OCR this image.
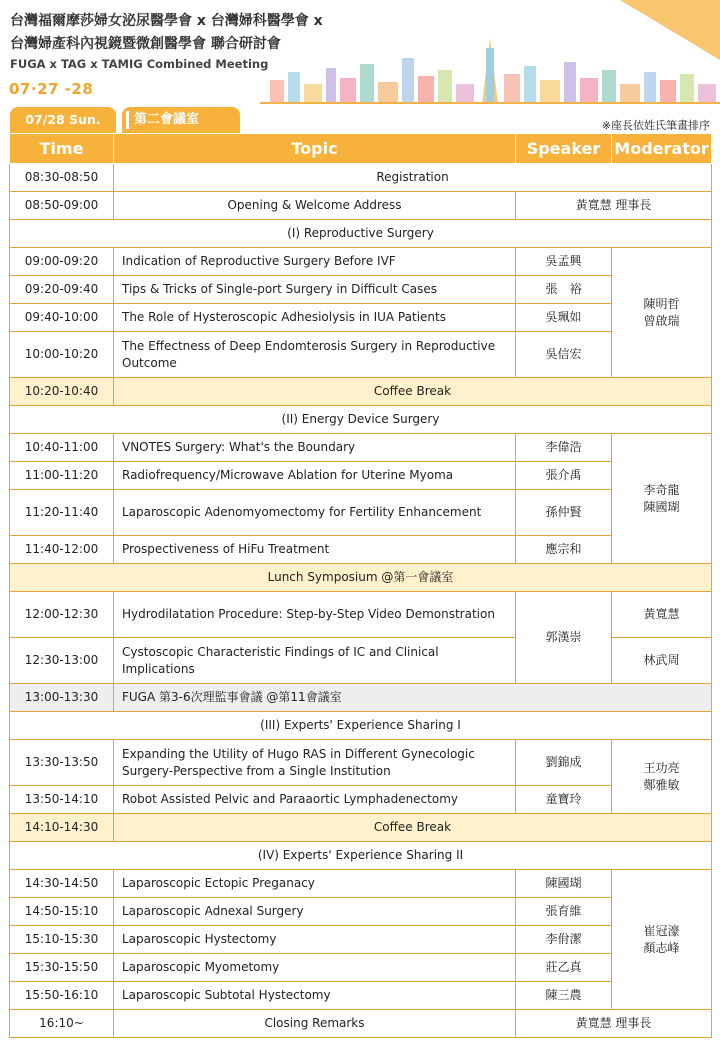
台灣福爾摩莎婦女泌尿醫學會 x 台灣婦科醫學會 x
台灣婦產科內視鏡暨微創醫學會 聯合研討會
FUGA x TAG x TAMIG Combined Meeting
07·27 -28
07/28 Sun.	第二會議室	※座長依姓氏筆畫排序
Time	Topic	Speaker	Moderator
08:30-08:50	Registration		
08:50-09:00	Opening & Welcome Address	黃寬慧 理事長	
(I) Reproductive Surgery			
09:00-09:20	Indication of Reproductive Surgery Before IVF	吳孟興	陳明哲
曾啟瑞

09:20-09:40	Tips & Tricks of Single-port Surgery in Difficult Cases	張　裕	
09:40-10:00	The Role of Hysteroscopic Adhesiolysis in IUA Patients	吳珮如	
10:00-10:20	The Effectness of Deep Endomterosis Surgery in Reproductive Outcome	吳信宏	
10:20-10:40	Coffee Break		
(II) Energy Device Surgery			
10:40-11:00	VNOTES Surgery: What's the Boundary	李偉浩	李奇龍
陳國瑚

11:00-11:20	Radiofrequency/Microwave Ablation for Uterine Myoma	張介禹	
11:20-11:40	Laparoscopic Adenomyomectomy for Fertility Enhancement	孫仲賢	
11:40-12:00	Prospectiveness of HiFu Treatment	應宗和	
Lunch Symposium @第一會議室			
12:00-12:30	Hydrodilatation Procedure: Step-by-Step Video Demonstration	郭漢崇	黃寬慧
12:30-13:00	Cystoscopic Characteristic Findings of IC and Clinical Implications		林武周
13:00-13:30	FUGA 第3-6次理監事會議 @第11會議室		
(III) Experts' Experience Sharing I			
13:30-13:50	Expanding the Utility of Hugo RAS in Different Gynecologic Surgery-Perspective from a Single Institution	劉錦成	王功亮
鄭雅敏

13:50-14:10	Robot Assisted Pelvic and Paraaortic Lymphadenectomy	童寶玲	
14:10-14:30	Coffee Break		
(IV) Experts' Experience Sharing II			
14:30-14:50	Laparoscopic Ectopic Preganacy	陳國瑚	崔冠濠
顏志峰

14:50-15:10	Laparoscopic Adnexal Surgery	張育維	
15:10-15:30	Laparoscopic Hystectomy	李佾潔	
15:30-15:50	Laparoscopic Myometomy	莊乙真	
15:50-16:10	Laparoscopic Subtotal Hystectomy	陳三農	
16:10~	Closing Remarks	黃寬慧 理事長	
